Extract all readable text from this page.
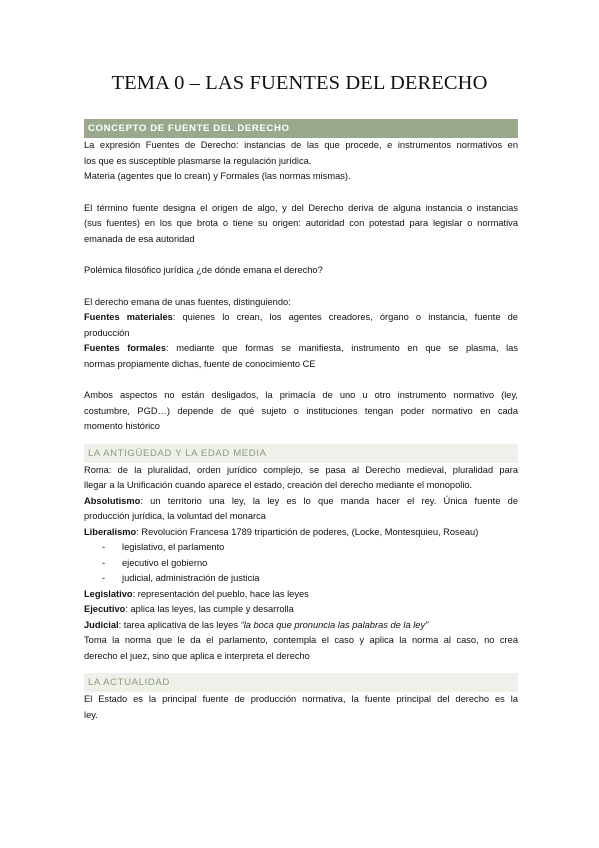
TEMA 0 – LAS FUENTES DEL DERECHO
CONCEPTO DE FUENTE DEL DERECHO
La expresión Fuentes de Derecho: instancias de las que procede, e instrumentos normativos en
los que es susceptible plasmarse la regulación jurídica.
Materia (agentes que lo crean) y Formales (las normas mismas).
El término fuente designa el origen de algo, y del Derecho deriva de alguna instancia o instancias
(sus fuentes) en los que brota o tiene su origen: autoridad con potestad para legislar o normativa
emanada de esa autoridad
Polémica filosófico jurídica ¿de dónde emana el derecho?
El derecho emana de unas fuentes, distinguiendo:
Fuentes materiales: quienes lo crean, los agentes creadores, órgano o instancia, fuente de
producción
Fuentes formales: mediante que formas se manifiesta, instrumento en que se plasma, las
normas propiamente dichas, fuente de conocimiento CE
Ambos aspectos no están desligados, la primacía de uno u otro instrumento normativo (ley,
costumbre, PGD…) depende de qué sujeto o instituciones tengan poder normativo en cada
momento histórico
LA ANTIGÜEDAD Y LA EDAD MEDIA
Roma: de la pluralidad, orden jurídico complejo, se pasa al Derecho medieval, pluralidad para
llegar a la Unificación cuando aparece el estado, creación del derecho mediante el monopolio.
Absolutismo: un territorio una ley, la ley es lo que manda hacer el rey. Única fuente de
producción jurídica, la voluntad del monarca
Liberalismo: Revolución Francesa 1789 tripartición de poderes, (Locke, Montesquieu, Roseau)
- legislativo, el parlamento
- ejecutivo el gobierno
- judicial, administración de justicia
Legislativo: representación del pueblo, hace las leyes
Ejecutivo: aplica las leyes, las cumple y desarrolla
Judicial: tarea aplicativa de las leyes “la boca que pronuncia las palabras de la ley”
Toma la norma que le da el parlamento, contempla el caso y aplica la norma al caso, no crea
derecho el juez, sino que aplica e interpreta el derecho
LA ACTUALIDAD
El Estado es la principal fuente de producción normativa, la fuente principal del derecho es la
ley.
